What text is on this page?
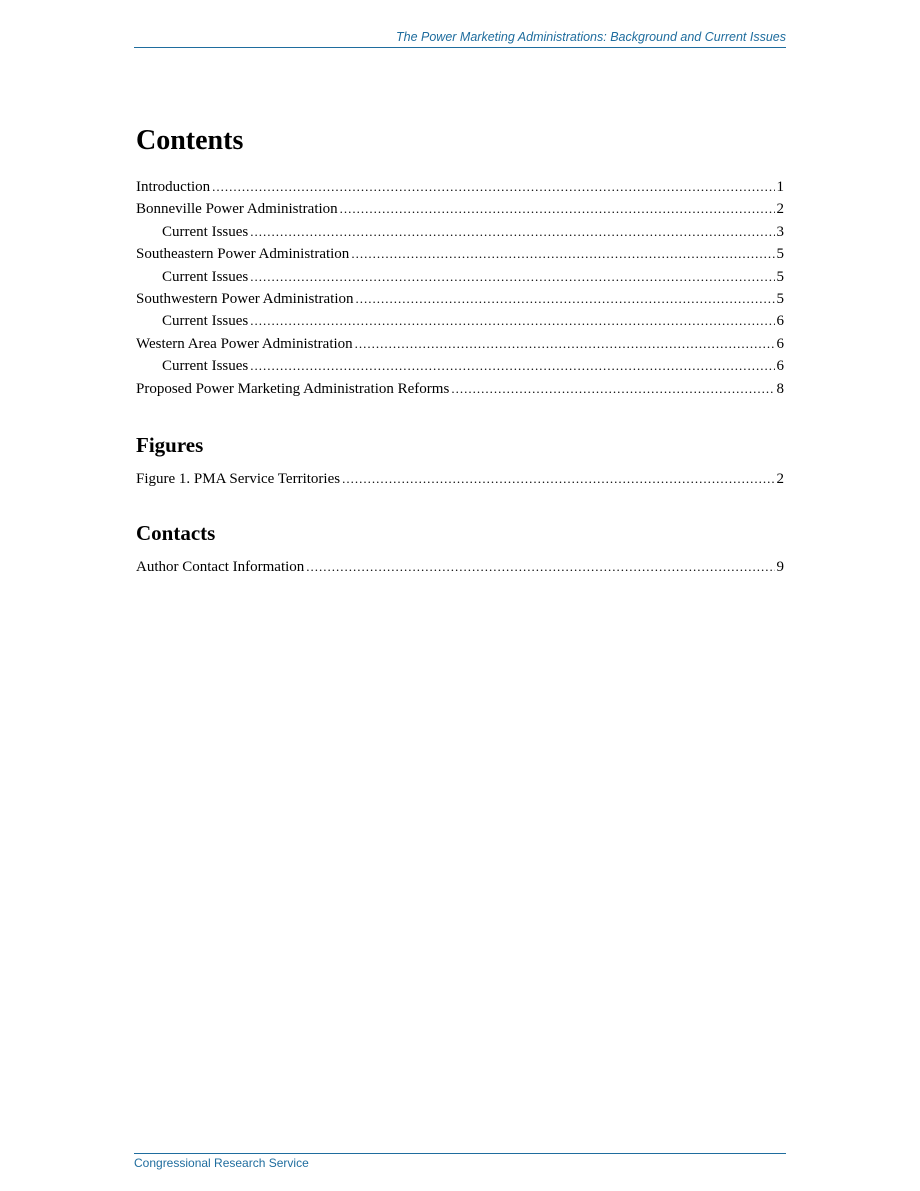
The Power Marketing Administrations: Background and Current Issues
Contents
Introduction .....	1
Bonneville Power Administration .....	2
Current Issues .....	3
Southeastern Power Administration .....	5
Current Issues .....	5
Southwestern Power Administration .....	5
Current Issues .....	6
Western Area Power Administration .....	6
Current Issues .....	6
Proposed Power Marketing Administration Reforms .....	8
Figures
Figure 1. PMA Service Territories .....	2
Contacts
Author Contact Information .....	9
Congressional Research Service
